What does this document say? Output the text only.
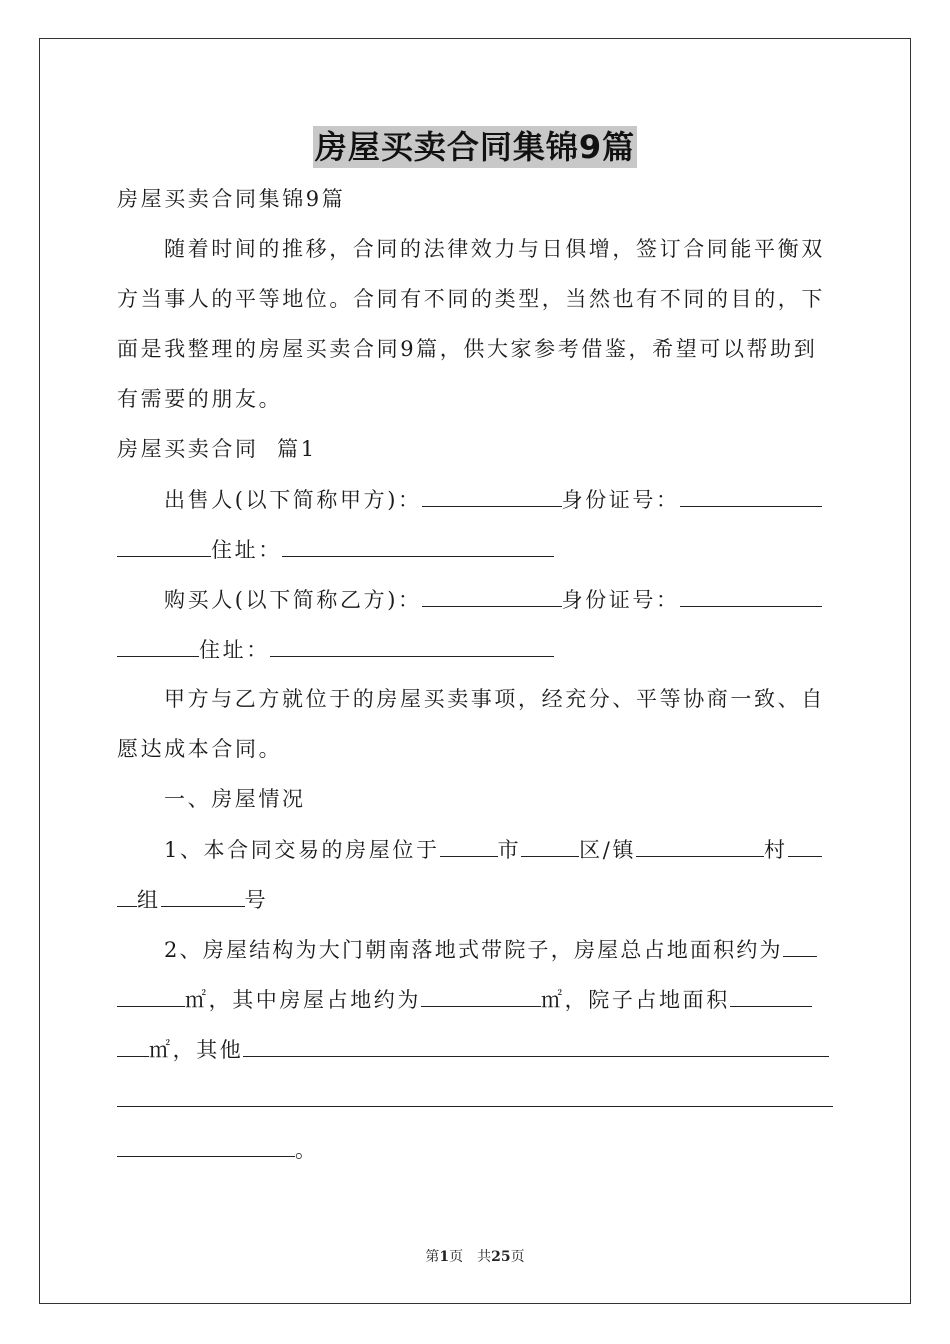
房屋买卖合同集锦9篇
房屋买卖合同集锦9篇
随着时间的推移，合同的法律效力与日俱增，签订合同能平衡双
方当事人的平等地位。合同有不同的类型，当然也有不同的目的，下
面是我整理的房屋买卖合同9篇，供大家参考借鉴，希望可以帮助到
有需要的朋友。
房屋买卖合同  篇1
出售人(以下简称甲方)：	身份证号：
住址：
购买人(以下简称乙方)：	身份证号：
住址：
甲方与乙方就位于的房屋买卖事项，经充分、平等协商一致、自
愿达成本合同。
一、房屋情况
1、本合同交易的房屋位于	市	区/镇	村
组	号
2、房屋结构为大门朝南落地式带院子，房屋总占地面积约为
㎡，其中房屋占地约为	㎡，院子占地面积
㎡，其他
。
第1页　共25页
